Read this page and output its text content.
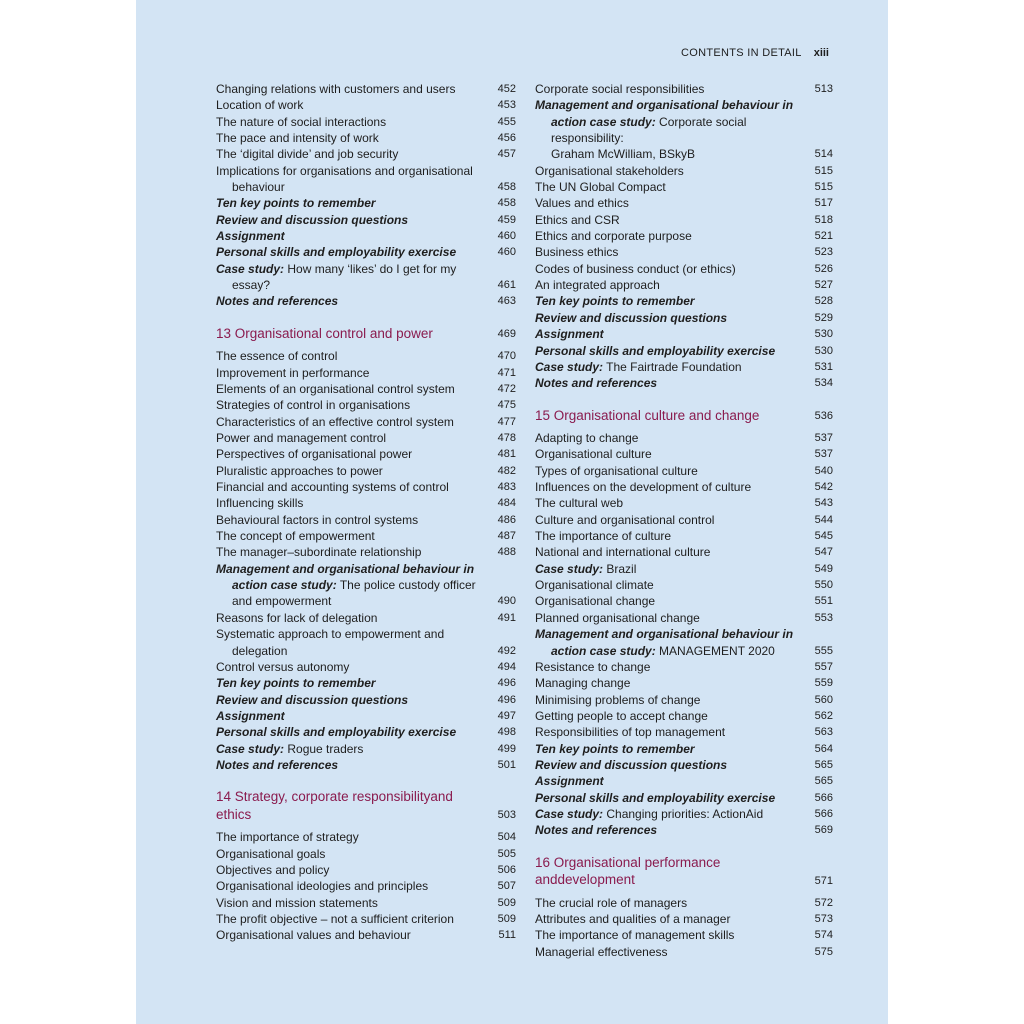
CONTENTS IN DETAIL xiii
Changing relations with customers and users	452
Location of work	453
The nature of social interactions	455
The pace and intensity of work	456
The ‘digital divide’ and job security	457
Implications for organisations and organisational
behaviour	458
Ten key points to remember	458
Review and discussion questions	459
Assignment	460
Personal skills and employability exercise	460
Case study: How many ‘likes’ do I get for my
essay?	461
Notes and references	463
13 Organisational control and power	469
The essence of control	470
Improvement in performance	471
Elements of an organisational control system	472
Strategies of control in organisations	475
Characteristics of an effective control system	477
Power and management control	478
Perspectives of organisational power	481
Pluralistic approaches to power	482
Financial and accounting systems of control	483
Influencing skills	484
Behavioural factors in control systems	486
The concept of empowerment	487
The manager–subordinate relationship	488
Management and organisational behaviour in
action case study: The police custody officer
and empowerment	490
Reasons for lack of delegation	491
Systematic approach to empowerment and
delegation	492
Control versus autonomy	494
Ten key points to remember	496
Review and discussion questions	496
Assignment	497
Personal skills and employability exercise	498
Case study: Rogue traders	499
Notes and references	501
14 Strategy, corporate responsibilityand ethics	503
The importance of strategy	504
Organisational goals	505
Objectives and policy	506
Organisational ideologies and principles	507
Vision and mission statements	509
The profit objective – not a sufficient criterion	509
Organisational values and behaviour	511
Corporate social responsibilities	513
Management and organisational behaviour in
action case study: Corporate social responsibility:
Graham McWilliam, BSkyB	514
Organisational stakeholders	515
The UN Global Compact	515
Values and ethics	517
Ethics and CSR	518
Ethics and corporate purpose	521
Business ethics	523
Codes of business conduct (or ethics)	526
An integrated approach	527
Ten key points to remember	528
Review and discussion questions	529
Assignment	530
Personal skills and employability exercise	530
Case study: The Fairtrade Foundation	531
Notes and references	534
15 Organisational culture and change	536
Adapting to change	537
Organisational culture	537
Types of organisational culture	540
Influences on the development of culture	542
The cultural web	543
Culture and organisational control	544
The importance of culture	545
National and international culture	547
Case study: Brazil	549
Organisational climate	550
Organisational change	551
Planned organisational change	553
Management and organisational behaviour in
action case study: MANAGEMENT 2020	555
Resistance to change	557
Managing change	559
Minimising problems of change	560
Getting people to accept change	562
Responsibilities of top management	563
Ten key points to remember	564
Review and discussion questions	565
Assignment	565
Personal skills and employability exercise	566
Case study: Changing priorities: ActionAid	566
Notes and references	569
16 Organisational performance anddevelopment	571
The crucial role of managers	572
Attributes and qualities of a manager	573
The importance of management skills	574
Managerial effectiveness	575
